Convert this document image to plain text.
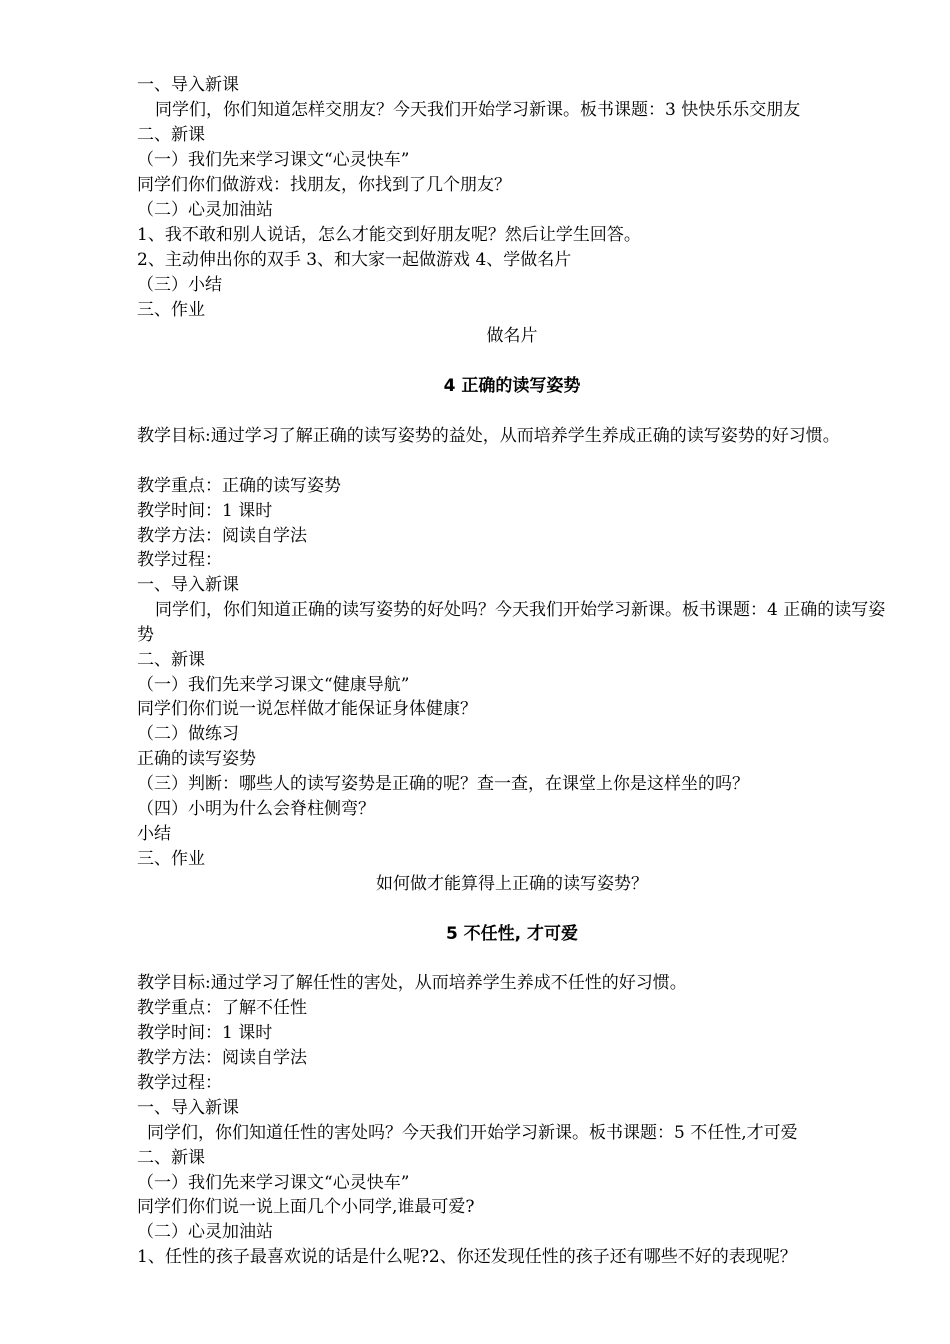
一、导入新课
同学们，你们知道怎样交朋友？今天我们开始学习新课。板书课题：3 快快乐乐交朋友
二、新课
（一）我们先来学习课文“心灵快车”
同学们你们做游戏：找朋友，你找到了几个朋友？
（二）心灵加油站
1、我不敢和别人说话，怎么才能交到好朋友呢？然后让学生回答。
2、主动伸出你的双手 3、和大家一起做游戏 4、学做名片
（三）小结
三、作业
做名片
4 正确的读写姿势
教学目标:通过学习了解正确的读写姿势的益处，从而培养学生养成正确的读写姿势的好习惯。
教学重点：正确的读写姿势
教学时间：1 课时
教学方法：阅读自学法
教学过程：
一、导入新课
同学们，你们知道正确的读写姿势的好处吗？今天我们开始学习新课。板书课题：4 正确的读写姿势
二、新课
（一）我们先来学习课文“健康导航”
同学们你们说一说怎样做才能保证身体健康？
（二）做练习
正确的读写姿势
（三）判断：哪些人的读写姿势是正确的呢？查一查，在课堂上你是这样坐的吗？
（四）小明为什么会脊柱侧弯？
小结
三、作业
如何做才能算得上正确的读写姿势？
5 不任性, 才可爱
教学目标:通过学习了解任性的害处，从而培养学生养成不任性的好习惯。
教学重点：了解不任性
教学时间：1 课时
教学方法：阅读自学法
教学过程：
一、导入新课
同学们，你们知道任性的害处吗？今天我们开始学习新课。板书课题：5 不任性,才可爱
二、新课
（一）我们先来学习课文“心灵快车”
同学们你们说一说上面几个小同学,谁最可爱?
（二）心灵加油站
1、任性的孩子最喜欢说的话是什么呢?2、你还发现任性的孩子还有哪些不好的表现呢？
